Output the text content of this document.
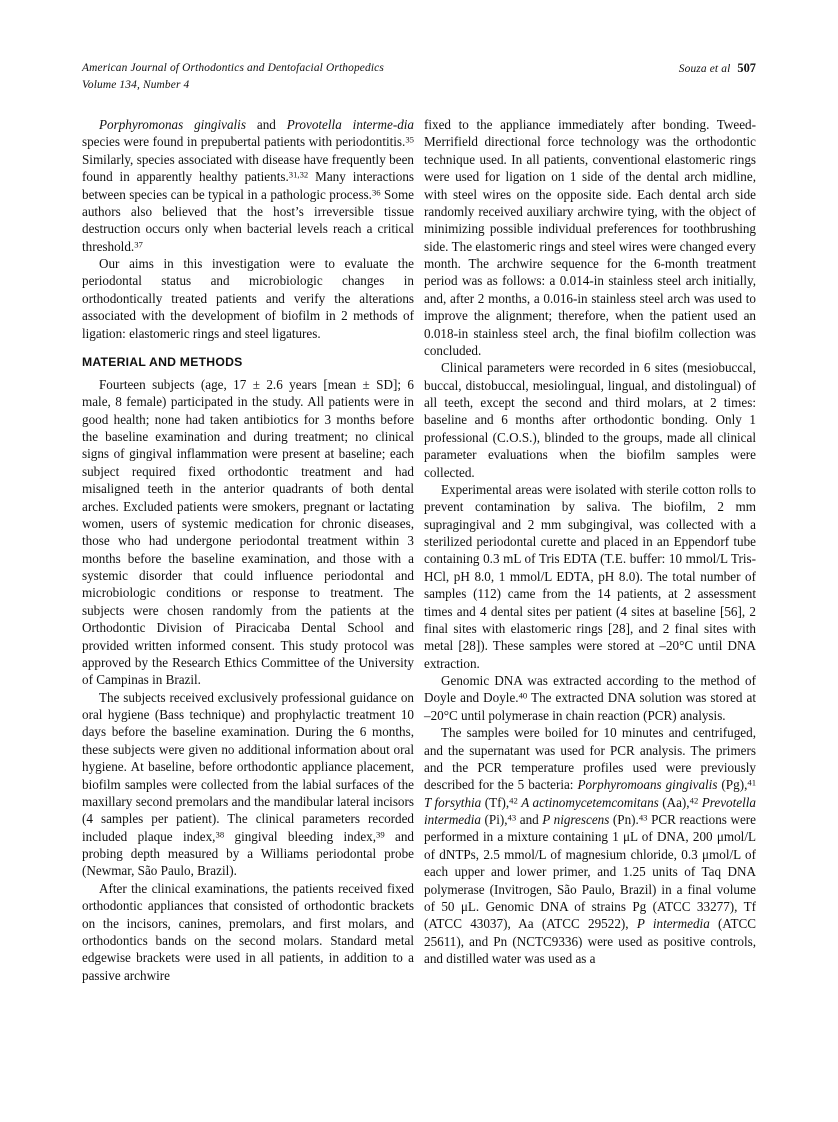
American Journal of Orthodontics and Dentofacial Orthopedics
Volume 134, Number 4
Souza et al 507

Porphyromonas gingivalis and Provotella interme-dia species were found in prepubertal patients with periodontitis.$^{35}$ Similarly, species associated with disease have frequently been found in apparently healthy patients.$^{31,32}$ Many interactions between species can be typical in a pathologic process.$^{36}$ Some authors also believed that the host’s irreversible tissue destruction occurs only when bacterial levels reach a critical threshold.$^{37}$

Our aims in this investigation were to evaluate the periodontal status and microbiologic changes in orthodontically treated patients and verify the alterations associated with the development of biofilm in 2 methods of ligation: elastomeric rings and steel ligatures.

MATERIAL AND METHODS

Fourteen subjects (age, 17 ± 2.6 years [mean ± SD]; 6 male, 8 female) participated in the study. All patients were in good health; none had taken antibiotics for 3 months before the baseline examination and during treatment; no clinical signs of gingival inflammation were present at baseline; each subject required fixed orthodontic treatment and had misaligned teeth in the anterior quadrants of both dental arches. Excluded patients were smokers, pregnant or lactating women, users of systemic medication for chronic diseases, those who had undergone periodontal treatment within 3 months before the baseline examination, and those with a systemic disorder that could influence periodontal and microbiologic conditions or response to treatment. The subjects were chosen randomly from the patients at the Orthodontic Division of Piracicaba Dental School and provided written informed consent. This study protocol was approved by the Research Ethics Committee of the University of Campinas in Brazil.

The subjects received exclusively professional guidance on oral hygiene (Bass technique) and prophylactic treatment 10 days before the baseline examination. During the 6 months, these subjects were given no additional information about oral hygiene. At baseline, before orthodontic appliance placement, biofilm samples were collected from the labial surfaces of the maxillary second premolars and the mandibular lateral incisors (4 samples per patient). The clinical parameters recorded included plaque index,$^{38}$ gingival bleeding index,$^{39}$ and probing depth measured by a Williams periodontal probe (Newmar, São Paulo, Brazil).

After the clinical examinations, the patients received fixed orthodontic appliances that consisted of orthodontic brackets on the incisors, canines, premolars, and first molars, and orthodontics bands on the second molars. Standard metal edgewise brackets were used in all patients, in addition to a passive archwire

fixed to the appliance immediately after bonding. Tweed-Merrifield directional force technology was the orthodontic technique used. In all patients, conventional elastomeric rings were used for ligation on 1 side of the dental arch midline, with steel wires on the opposite side. Each dental arch side randomly received auxiliary archwire tying, with the object of minimizing possible individual preferences for toothbrushing side. The elastomeric rings and steel wires were changed every month. The archwire sequence for the 6-month treatment period was as follows: a 0.014-in stainless steel arch initially, and, after 2 months, a 0.016-in stainless steel arch was used to improve the alignment; therefore, when the patient used an 0.018-in stainless steel arch, the final biofilm collection was concluded.

Clinical parameters were recorded in 6 sites (mesiobuccal, buccal, distobuccal, mesiolingual, lingual, and distolingual) of all teeth, except the second and third molars, at 2 times: baseline and 6 months after orthodontic bonding. Only 1 professional (C.O.S.), blinded to the groups, made all clinical parameter evaluations when the biofilm samples were collected.

Experimental areas were isolated with sterile cotton rolls to prevent contamination by saliva. The biofilm, 2 mm supragingival and 2 mm subgingival, was collected with a sterilized periodontal curette and placed in an Eppendorf tube containing 0.3 mL of Tris EDTA (T.E. buffer: 10 mmol/L Tris-HCl, pH 8.0, 1 mmol/L EDTA, pH 8.0). The total number of samples (112) came from the 14 patients, at 2 assessment times and 4 dental sites per patient (4 sites at baseline [56], 2 final sites with elastomeric rings [28], and 2 final sites with metal [28]). These samples were stored at –20°C until DNA extraction.

Genomic DNA was extracted according to the method of Doyle and Doyle.$^{40}$ The extracted DNA solution was stored at –20°C until polymerase in chain reaction (PCR) analysis.

The samples were boiled for 10 minutes and centrifuged, and the supernatant was used for PCR analysis. The primers and the PCR temperature profiles used were previously described for the 5 bacteria: Porphyromoans gingivalis (Pg),$^{41}$ T forsythia (Tf),$^{42}$ A actinomycetemcomitans (Aa),$^{42}$ Prevotella intermedia (Pi),$^{43}$ and P nigrescens (Pn).$^{43}$ PCR reactions were performed in a mixture containing 1 μL of DNA, 200 μmol/L of dNTPs, 2.5 mmol/L of magnesium chloride, 0.3 μmol/L of each upper and lower primer, and 1.25 units of Taq DNA polymerase (Invitrogen, São Paulo, Brazil) in a final volume of 50 μL. Genomic DNA of strains Pg (ATCC 33277), Tf (ATCC 43037), Aa (ATCC 29522), P intermedia (ATCC 25611), and Pn (NCTC9336) were used as positive controls, and distilled water was used as a
